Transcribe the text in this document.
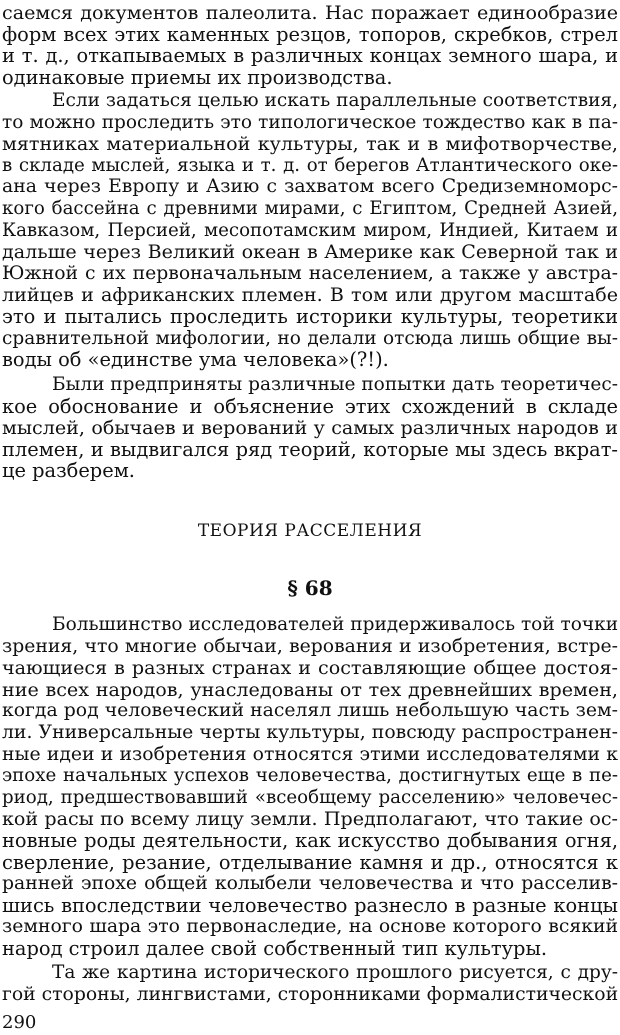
саемся документов палеолита. Нас поражает единообразие
форм всех этих каменных резцов, топоров, скребков, стрел
и т. д., откапываемых в различных концах земного шара, и
одинаковые приемы их производства.
Если задаться целью искать параллельные соответствия,
то можно проследить это типологическое тождество как в па-
мятниках материальной культуры, так и в мифотворчестве,
в складе мыслей, языка и т. д. от берегов Атлантического оке-
ана через Европу и Азию с захватом всего Средиземноморс-
кого бассейна с древними мирами, с Египтом, Средней Азией,
Кавказом, Персией, месопотамским миром, Индией, Китаем и
дальше через Великий океан в Америке как Северной так и
Южной с их первоначальным населением, а также у австра-
лийцев и африканских племен. В том или другом масштабе
это и пытались проследить историки культуры, теоретики
сравнительной мифологии, но делали отсюда лишь общие вы-
воды об «единстве ума человека»(?!).
Были предприняты различные попытки дать теоретичес-
кое обоснование и объяснение этих схождений в складе
мыслей, обычаев и верований у самых различных народов и
племен, и выдвигался ряд теорий, которые мы здесь вкрат-
це разберем.
ТЕОРИЯ РАССЕЛЕНИЯ
§ 68
Большинство исследователей придерживалось той точки
зрения, что многие обычаи, верования и изобретения, встре-
чающиеся в разных странах и составляющие общее достоя-
ние всех народов, унаследованы от тех древнейших времен,
когда род человеческий населял лишь небольшую часть зем-
ли. Универсальные черты культуры, повсюду распространен-
ные идеи и изобретения относятся этими исследователями к
эпохе начальных успехов человечества, достигнутых еще в пе-
риод, предшествовавший «всеобщему расселению» человечес-
кой расы по всему лицу земли. Предполагают, что такие ос-
новные роды деятельности, как искусство добывания огня,
сверление, резание, отделывание камня и др., относятся к
ранней эпохе общей колыбели человечества и что расселив-
шись впоследствии человечество разнесло в разные концы
земного шара это первонаследие, на основе которого всякий
народ строил далее свой собственный тип культуры.
Та же картина исторического прошлого рисуется, с дру-
гой стороны, лингвистами, сторонниками формалистической
290
